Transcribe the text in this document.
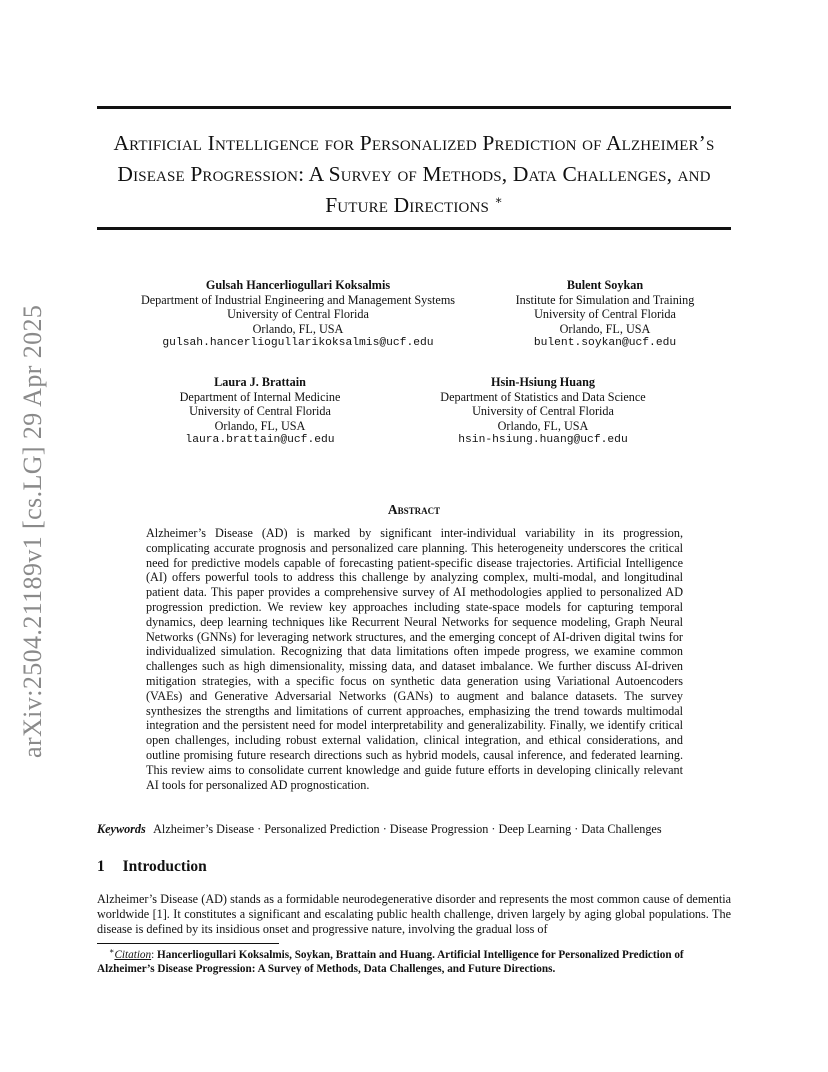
arXiv:2504.21189v1 [cs.LG] 29 Apr 2025
Artificial Intelligence for Personalized Prediction of Alzheimer’s Disease Progression: A Survey of Methods, Data Challenges, and Future Directions ∗
Gulsah Hancerliogullari Koksalmis
Department of Industrial Engineering and Management Systems
University of Central Florida
Orlando, FL, USA
gulsah.hancerliogullarikoksalmis@ucf.edu
Bulent Soykan
Institute for Simulation and Training
University of Central Florida
Orlando, FL, USA
bulent.soykan@ucf.edu
Laura J. Brattain
Department of Internal Medicine
University of Central Florida
Orlando, FL, USA
laura.brattain@ucf.edu
Hsin-Hsiung Huang
Department of Statistics and Data Science
University of Central Florida
Orlando, FL, USA
hsin-hsiung.huang@ucf.edu
Abstract
Alzheimer’s Disease (AD) is marked by significant inter-individual variability in its progression, complicating accurate prognosis and personalized care planning. This heterogeneity underscores the critical need for predictive models capable of forecasting patient-specific disease trajectories. Artificial Intelligence (AI) offers powerful tools to address this challenge by analyzing complex, multi-modal, and longitudinal patient data. This paper provides a comprehensive survey of AI methodologies applied to personalized AD progression prediction. We review key approaches including state-space models for capturing temporal dynamics, deep learning techniques like Recurrent Neural Networks for sequence modeling, Graph Neural Networks (GNNs) for leveraging network structures, and the emerging concept of AI-driven digital twins for individualized simulation. Recognizing that data limitations often impede progress, we examine common challenges such as high dimensionality, missing data, and dataset imbalance. We further discuss AI-driven mitigation strategies, with a specific focus on synthetic data generation using Variational Autoencoders (VAEs) and Generative Adversarial Networks (GANs) to augment and balance datasets. The survey synthesizes the strengths and limitations of current approaches, emphasizing the trend towards multimodal integration and the persistent need for model interpretability and generalizability. Finally, we identify critical open challenges, including robust external validation, clinical integration, and ethical considerations, and outline promising future research directions such as hybrid models, causal inference, and federated learning. This review aims to consolidate current knowledge and guide future efforts in developing clinically relevant AI tools for personalized AD prognostication.
Keywords Alzheimer’s Disease · Personalized Prediction · Disease Progression · Deep Learning · Data Challenges
1 Introduction
Alzheimer’s Disease (AD) stands as a formidable neurodegenerative disorder and represents the most common cause of dementia worldwide [1]. It constitutes a significant and escalating public health challenge, driven largely by aging global populations. The disease is defined by its insidious onset and progressive nature, involving the gradual loss of
∗Citation: Hancerliogullari Koksalmis, Soykan, Brattain and Huang. Artificial Intelligence for Personalized Prediction of Alzheimer’s Disease Progression: A Survey of Methods, Data Challenges, and Future Directions.
